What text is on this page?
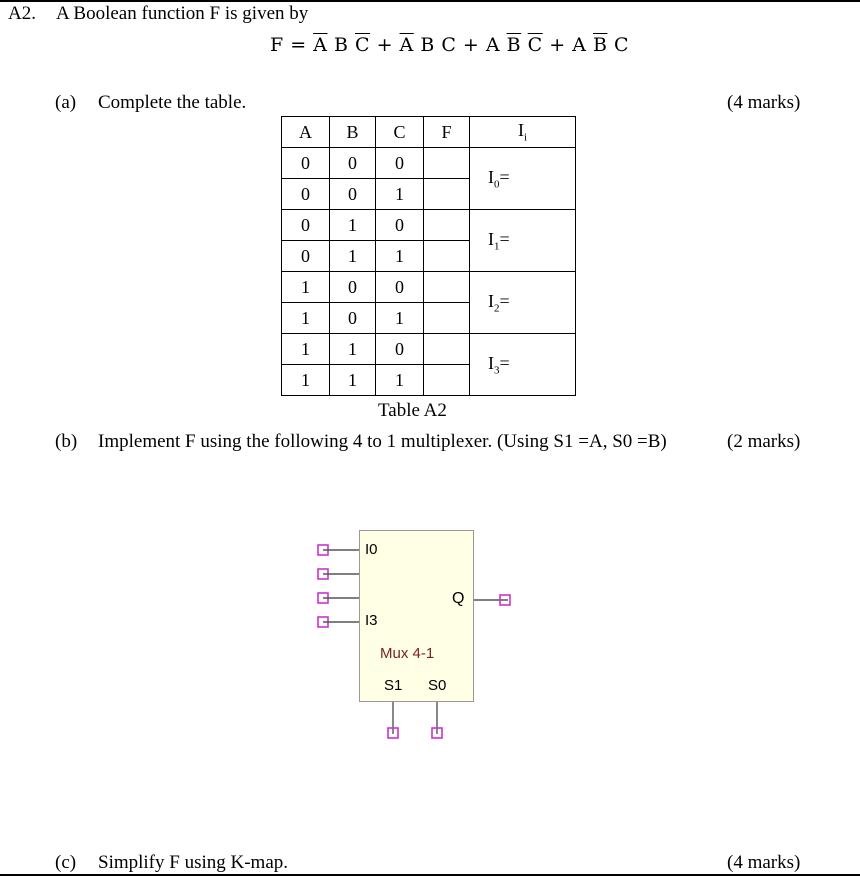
A2. A Boolean function F is given by
$F = \overline{A}$ B $\overline{C} + \overline{A}$ B C + A $\overline{B}$ $\overline{C} + A$ $\overline{B}$ C
(a) Complete the table.	(4 marks)
A	B	C	F	$I_i$
0	0	0		$I_0=$
0	0	1		
0	1	0		$I_1=$
0	1	1		
1	0	0		$I_2=$
1	0	1		
1	1	0		$I_3=$
1	1	1		
Table A2
(b) Implement F using the following 4 to 1 multiplexer. (Using S1 =A, S0 =B)	(2 marks)
I0
I3
Q
Mux 4-1
S1 S0
(c) Simplify F using K-map.	(4 marks)
